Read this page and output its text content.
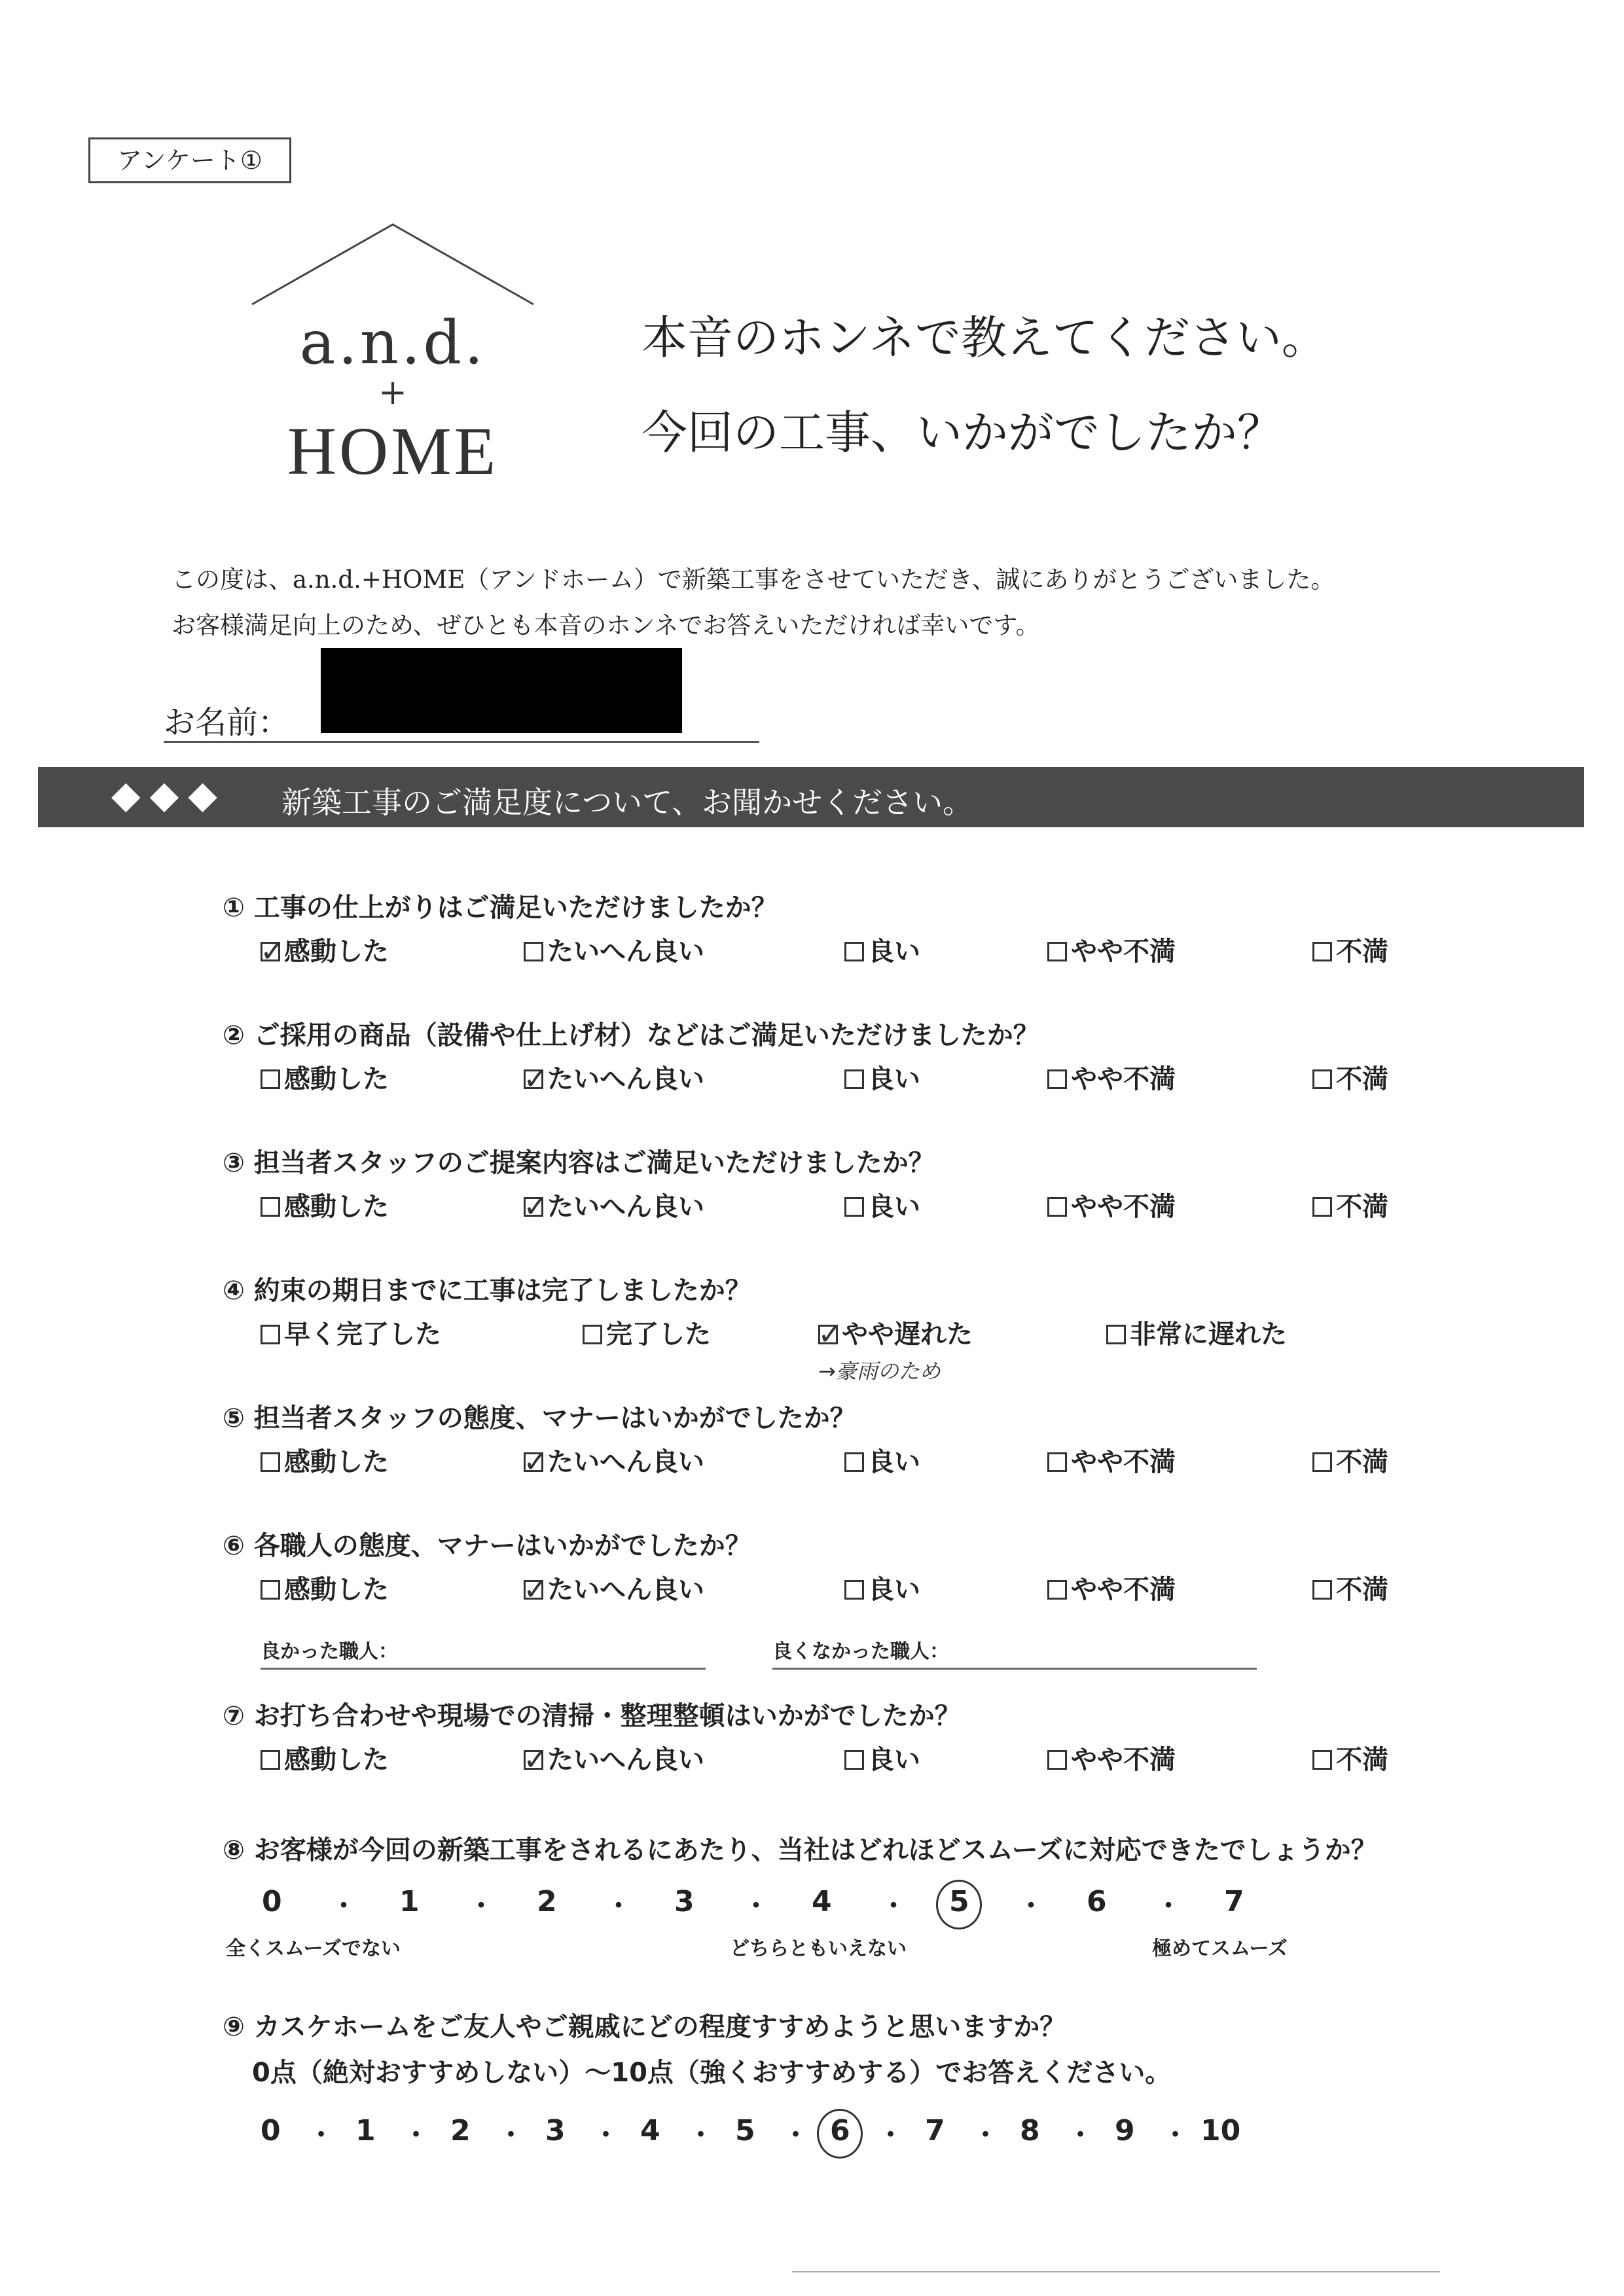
アンケート①
a.n.d.
+
HOME
本音のホンネで教えてください。
今回の工事、いかがでしたか？
この度は、a.n.d.+HOME（アンドホーム）で新築工事をさせていただき、誠にありがとうございました。
お客様満足向上のため、ぜひとも本音のホンネでお答えいただければ幸いです。
お名前：
◆◆◆ 新築工事のご満足度について、お聞かせください。
① 工事の仕上がりはご満足いただけましたか？
✓
感動した	たいへん良い	良い	やや不満	不満
② ご採用の商品（設備や仕上げ材）などはご満足いただけましたか？
感動した	✓
たいへん良い	良い	やや不満	不満
③ 担当者スタッフのご提案内容はご満足いただけましたか？
感動した	✓
たいへん良い	良い	やや不満	不満
④ 約束の期日までに工事は完了しましたか？
早く完了した	完了した	✓
やや遅れた	非常に遅れた
→豪雨のため
⑤ 担当者スタッフの態度、マナーはいかがでしたか？
感動した	✓
たいへん良い	良い	やや不満	不満
⑥ 各職人の態度、マナーはいかがでしたか？
感動した	✓
たいへん良い	良い	やや不満	不満
良かった職人：	良くなかった職人：
⑦ お打ち合わせや現場での清掃・整理整頓はいかがでしたか？
感動した	✓
たいへん良い	良い	やや不満	不満
⑧ お客様が今回の新築工事をされるにあたり、当社はどれほどスムーズに対応できたでしょうか？
0 ・ 1 ・ 2 ・ 3 ・ 4 ・ 5 ・ 6 ・ 7
全くスムーズでない	どちらともいえない	極めてスムーズ
⑨ カスケホームをご友人やご親戚にどの程度すすめようと思いますか？
0点（絶対おすすめしない）～10点（強くおすすめする）でお答えください。
0 ・ 1 ・ 2 ・ 3 ・ 4 ・ 5 ・ 6 ・ 7 ・ 8 ・ 9 ・ 10
